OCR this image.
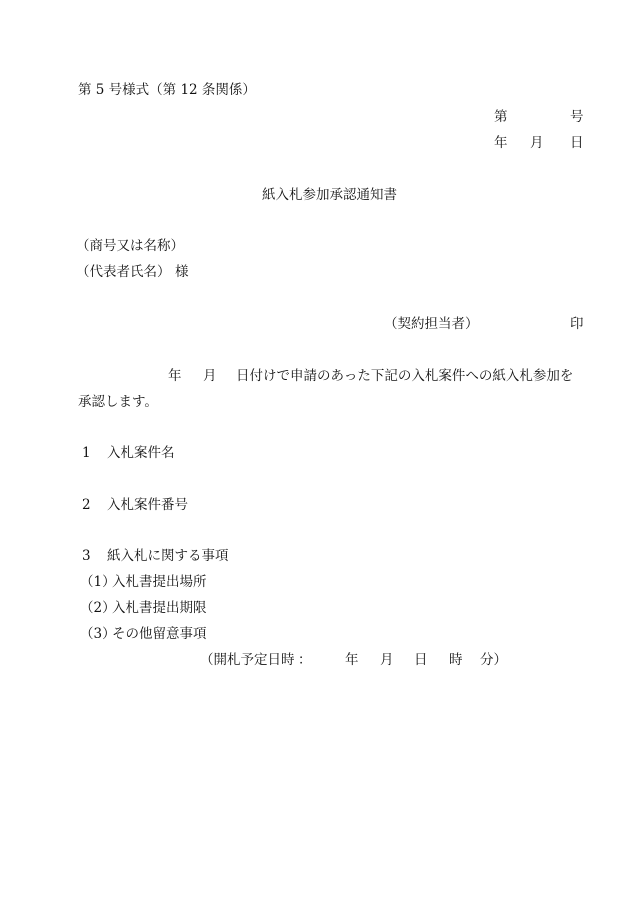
第 5 号様式（第 12 条関係）
第	号
年 月 日
紙入札参加承認通知書
（商号又は名称）
（代表者氏名） 様
（契約担当者）	印
年 月 日付けで申請のあった下記の入札案件への紙入札参加を
承認します。
1 入札案件名
2 入札案件番号
3 紙入札に関する事項
（1）
入札書提出場所
（2）
入札書提出期限
（3）
その他留意事項
（開札予定日時 ： 年 月 日 時 分）
